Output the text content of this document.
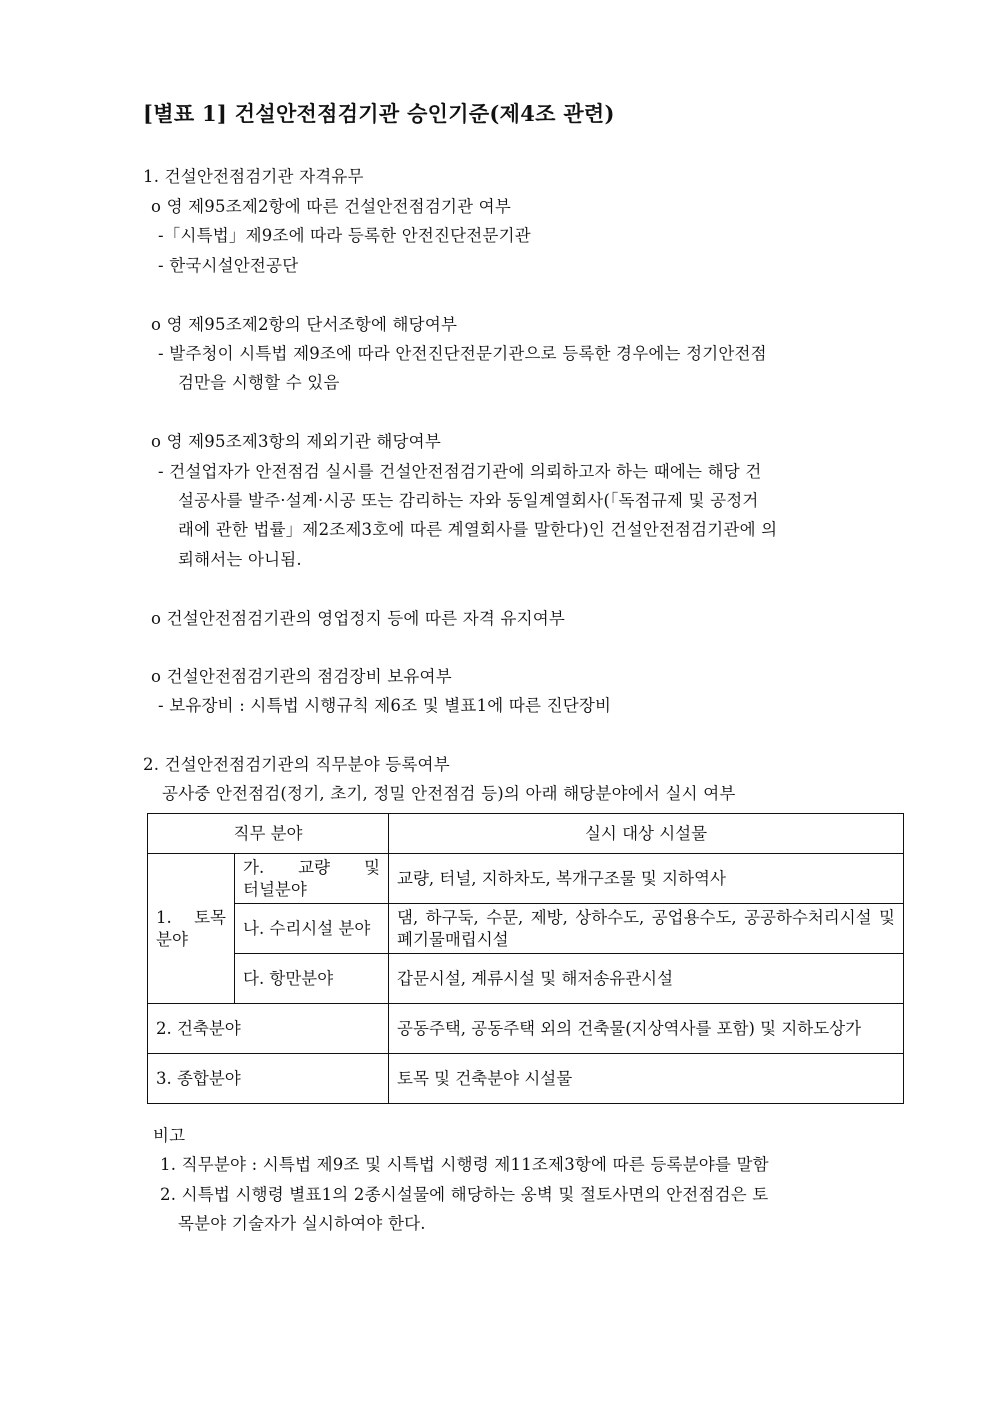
[별표 1] 건설안전점검기관 승인기준(제4조 관련)
1. 건설안전점검기관 자격유무
o 영 제95조제2항에 따른 건설안전점검기관 여부
-「시특법」제9조에 따라 등록한 안전진단전문기관
- 한국시설안전공단
o 영 제95조제2항의 단서조항에 해당여부
- 발주청이 시특법 제9조에 따라 안전진단전문기관으로 등록한 경우에는 정기안전점
검만을 시행할 수 있음
o 영 제95조제3항의 제외기관 해당여부
- 건설업자가 안전점검 실시를 건설안전점검기관에 의뢰하고자 하는 때에는 해당 건
설공사를 발주·설계·시공 또는 감리하는 자와 동일계열회사(「독점규제 및 공정거
래에 관한 법률」제2조제3호에 따른 계열회사를 말한다)인 건설안전점검기관에 의
뢰해서는 아니됨.
o 건설안전점검기관의 영업정지 등에 따른 자격 유지여부
o 건설안전점검기관의 점검장비 보유여부
- 보유장비 : 시특법 시행규칙 제6조 및 별표1에 따른 진단장비
2. 건설안전점검기관의 직무분야 등록여부
공사중 안전점검(정기, 초기, 정밀 안전점검 등)의 아래 해당분야에서 실시 여부
직무 분야		실시 대상 시설물
1. 토목 분야	가. 교량 및 터널분야	교량, 터널, 지하차도, 복개구조물 및 지하역사
	나. 수리시설 분야	댐, 하구둑, 수문, 제방, 상하수도, 공업용수도, 공공하수처리시설 및 폐기물매립시설
	다. 항만분야	갑문시설, 계류시설 및 해저송유관시설
2. 건축분야		공동주택, 공동주택 외의 건축물(지상역사를 포함) 및 지하도상가
3. 종합분야		토목 및 건축분야 시설물
비고
1. 직무분야 : 시특법 제9조 및 시특법 시행령 제11조제3항에 따른 등록분야를 말함
2. 시특법 시행령 별표1의 2종시설물에 해당하는 옹벽 및 절토사면의 안전점검은 토
목분야 기술자가 실시하여야 한다.
